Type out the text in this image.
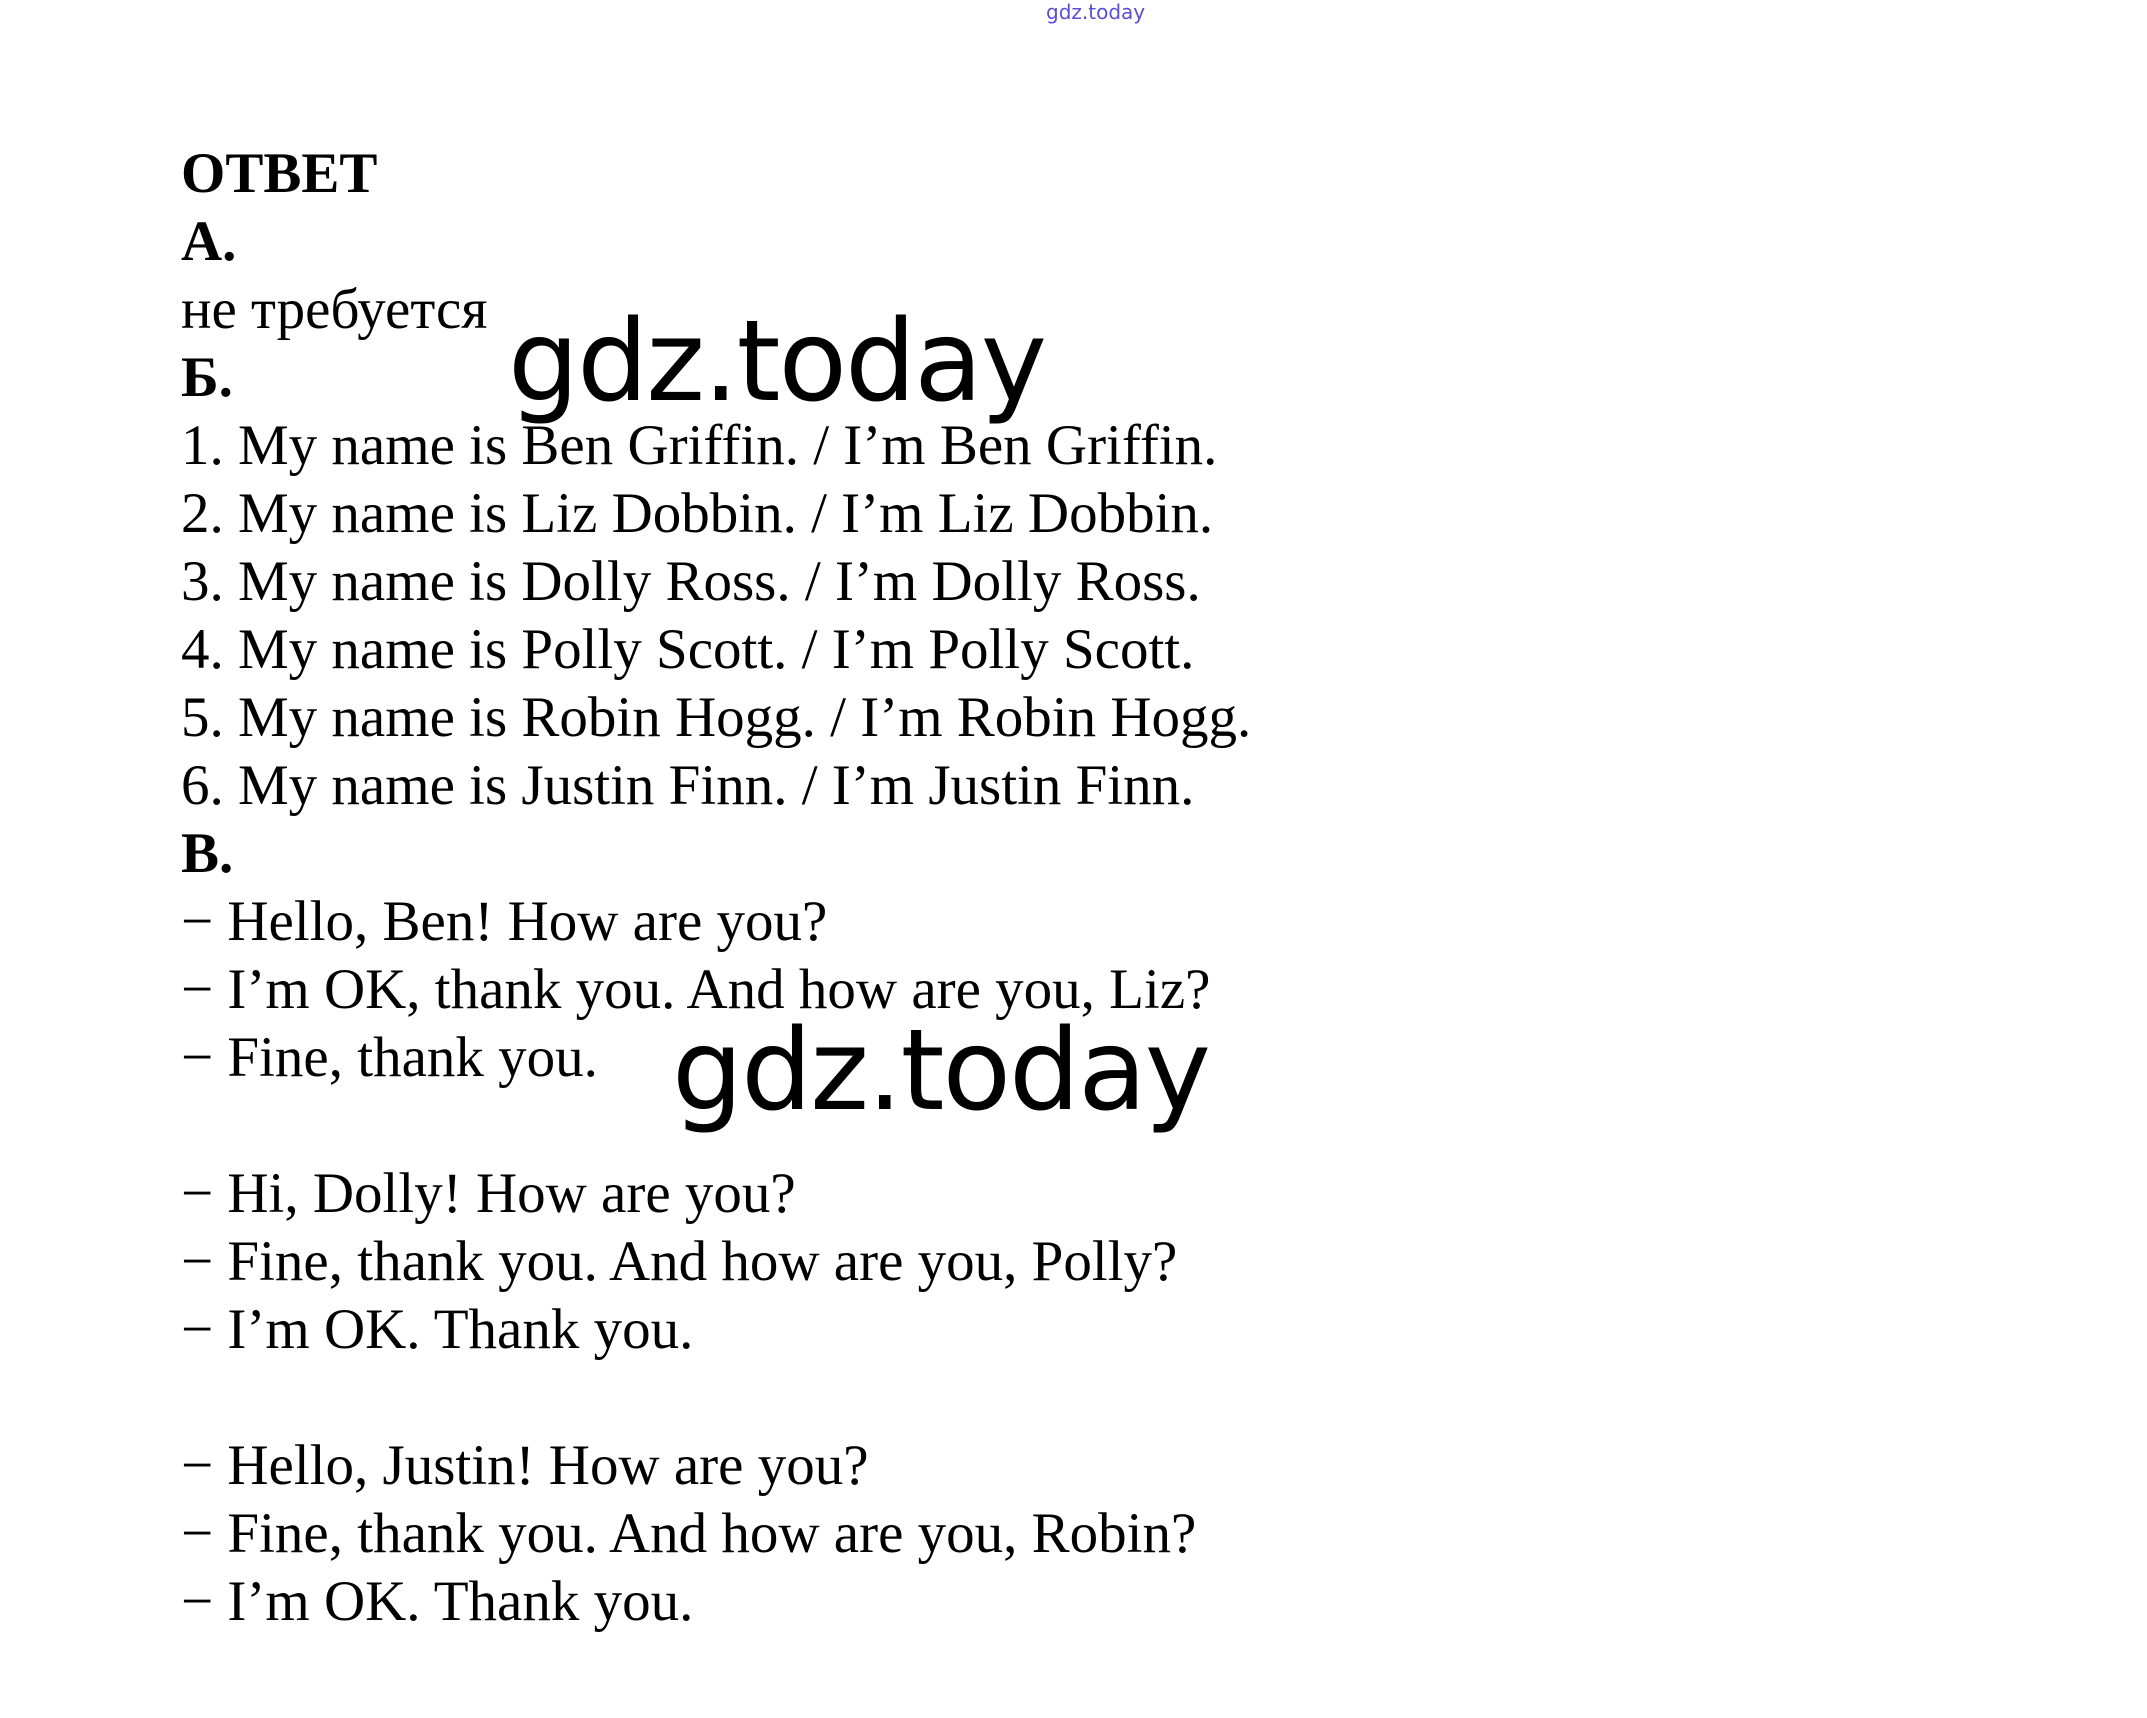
gdz.today
ОТВЕТ
А.
не требуется
Б.
1. My name is Ben Griffin. / I’m Ben Griffin.
2. My name is Liz Dobbin. / I’m Liz Dobbin.
3. My name is Dolly Ross. / I’m Dolly Ross.
4. My name is Polly Scott. / I’m Polly Scott.
5. My name is Robin Hogg. / I’m Robin Hogg.
6. My name is Justin Finn. / I’m Justin Finn.
В.
− Hello, Ben! How are you?
− I’m OK, thank you. And how are you, Liz?
− Fine, thank you.
− Hi, Dolly! How are you?
− Fine, thank you. And how are you, Polly?
− I’m OK. Thank you.
− Hello, Justin! How are you?
− Fine, thank you. And how are you, Robin?
− I’m OK. Thank you.
gdz.today
gdz.today
